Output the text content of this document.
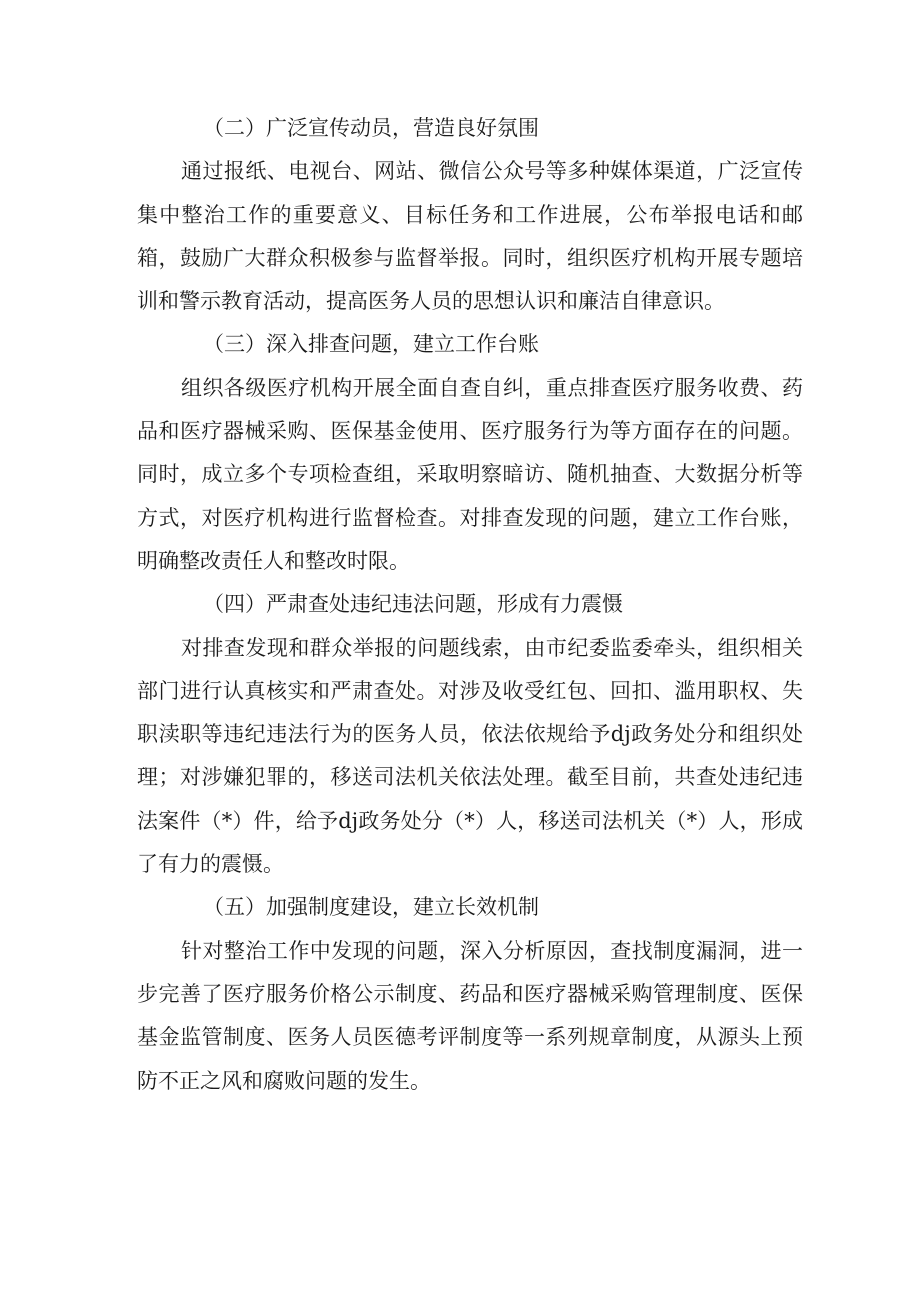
（二）广泛宣传动员，营造良好氛围

通过报纸、电视台、网站、微信公众号等多种媒体渠道，广泛宣传集中整治工作的重要意义、目标任务和工作进展，公布举报电话和邮箱，鼓励广大群众积极参与监督举报。同时，组织医疗机构开展专题培训和警示教育活动，提高医务人员的思想认识和廉洁自律意识。

（三）深入排查问题，建立工作台账

组织各级医疗机构开展全面自查自纠，重点排查医疗服务收费、药品和医疗器械采购、医保基金使用、医疗服务行为等方面存在的问题。同时，成立多个专项检查组，采取明察暗访、随机抽查、大数据分析等方式，对医疗机构进行监督检查。对排查发现的问题，建立工作台账，明确整改责任人和整改时限。

（四）严肃查处违纪违法问题，形成有力震慑

对排查发现和群众举报的问题线索，由市纪委监委牵头，组织相关部门进行认真核实和严肃查处。对涉及收受红包、回扣、滥用职权、失职渎职等违纪违法行为的医务人员，依法依规给予dj政务处分和组织处理；对涉嫌犯罪的，移送司法机关依法处理。截至目前，共查处违纪违法案件（*）件，给予dj政务处分（*）人，移送司法机关（*）人，形成了有力的震慑。

（五）加强制度建设，建立长效机制

针对整治工作中发现的问题，深入分析原因，查找制度漏洞，进一步完善了医疗服务价格公示制度、药品和医疗器械采购管理制度、医保基金监管制度、医务人员医德考评制度等一系列规章制度，从源头上预防不正之风和腐败问题的发生。
